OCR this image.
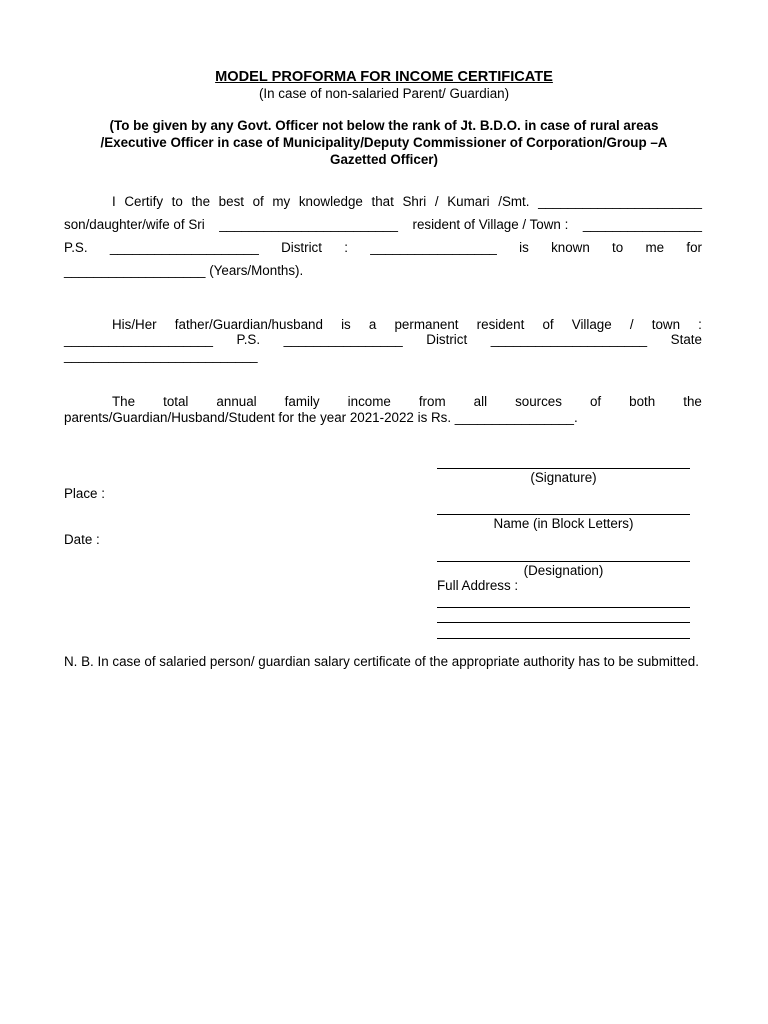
MODEL PROFORMA FOR INCOME CERTIFICATE
(In case of non-salaried Parent/ Guardian)
(To be given by any Govt. Officer not below the rank of Jt. B.D.O. in case of rural areas
/Executive Officer in case of Municipality/Deputy Commissioner of Corporation/Group –A
Gazetted Officer)
I Certify to the best of my knowledge that Shri / Kumari /Smt. ______________________
son/daughter/wife of Sri ________________________ resident of Village / Town : ________________
P.S. ____________________ District : _________________ is known to me for
___________________ (Years/Months).
His/Her father/Guardian/husband is a permanent resident of Village / town :
____________________ P.S. ________________ District _____________________ State
__________________________
The total annual family income from all sources of both the
parents/Guardian/Husband/Student for the year 2021-2022 is Rs. ________________.
(Signature)
Place :
Name (in Block Letters)
Date :
(Designation)
Full Address :
N. B. In case of salaried person/ guardian salary certificate of the appropriate authority has to be submitted.
